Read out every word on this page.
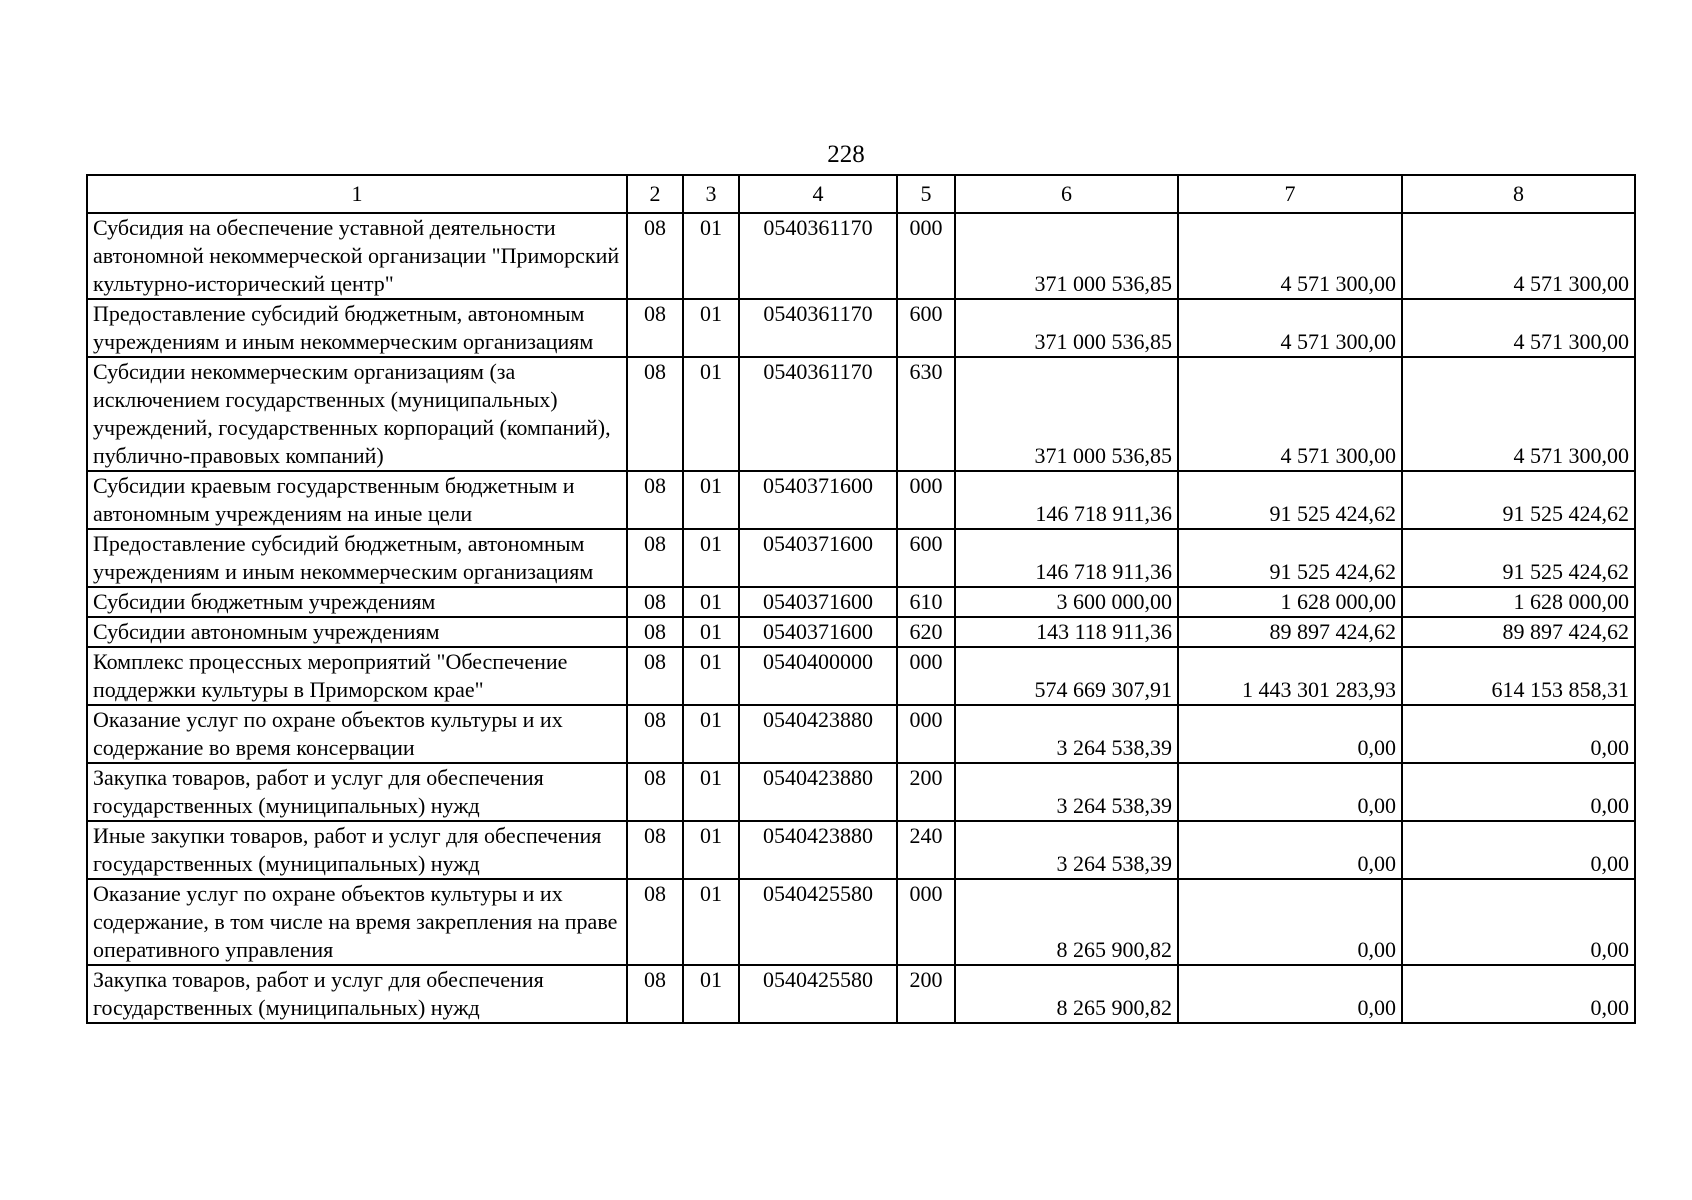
228
1	2	3	4	5	6	7	8
Субсидия на обеспечение уставной деятельности автономной некоммерческой организации "Приморский культурно-исторический центр"	08	01	0540361170	000	371 000 536,85	4 571 300,00	4 571 300,00
Предоставление субсидий бюджетным, автономным учреждениям и иным некоммерческим организациям	08	01	0540361170	600	371 000 536,85	4 571 300,00	4 571 300,00
Субсидии некоммерческим организациям (за исключением государственных (муниципальных) учреждений, государственных корпораций (компаний), публично-правовых компаний)	08	01	0540361170	630	371 000 536,85	4 571 300,00	4 571 300,00
Субсидии краевым государственным бюджетным и автономным учреждениям на иные цели	08	01	0540371600	000	146 718 911,36	91 525 424,62	91 525 424,62
Предоставление субсидий бюджетным, автономным учреждениям и иным некоммерческим организациям	08	01	0540371600	600	146 718 911,36	91 525 424,62	91 525 424,62
Субсидии бюджетным учреждениям	08	01	0540371600	610	3 600 000,00	1 628 000,00	1 628 000,00
Субсидии автономным учреждениям	08	01	0540371600	620	143 118 911,36	89 897 424,62	89 897 424,62
Комплекс процессных мероприятий "Обеспечение поддержки культуры в Приморском крае"	08	01	0540400000	000	574 669 307,91	1 443 301 283,93	614 153 858,31
Оказание услуг по охране объектов культуры и их содержание во время консервации	08	01	0540423880	000	3 264 538,39	0,00	0,00
Закупка товаров, работ и услуг для обеспечения государственных (муниципальных) нужд	08	01	0540423880	200	3 264 538,39	0,00	0,00
Иные закупки товаров, работ и услуг для обеспечения государственных (муниципальных) нужд	08	01	0540423880	240	3 264 538,39	0,00	0,00
Оказание услуг по охране объектов культуры и их содержание, в том числе на время закрепления на праве оперативного управления	08	01	0540425580	000	8 265 900,82	0,00	0,00
Закупка товаров, работ и услуг для обеспечения государственных (муниципальных) нужд	08	01	0540425580	200	8 265 900,82	0,00	0,00
